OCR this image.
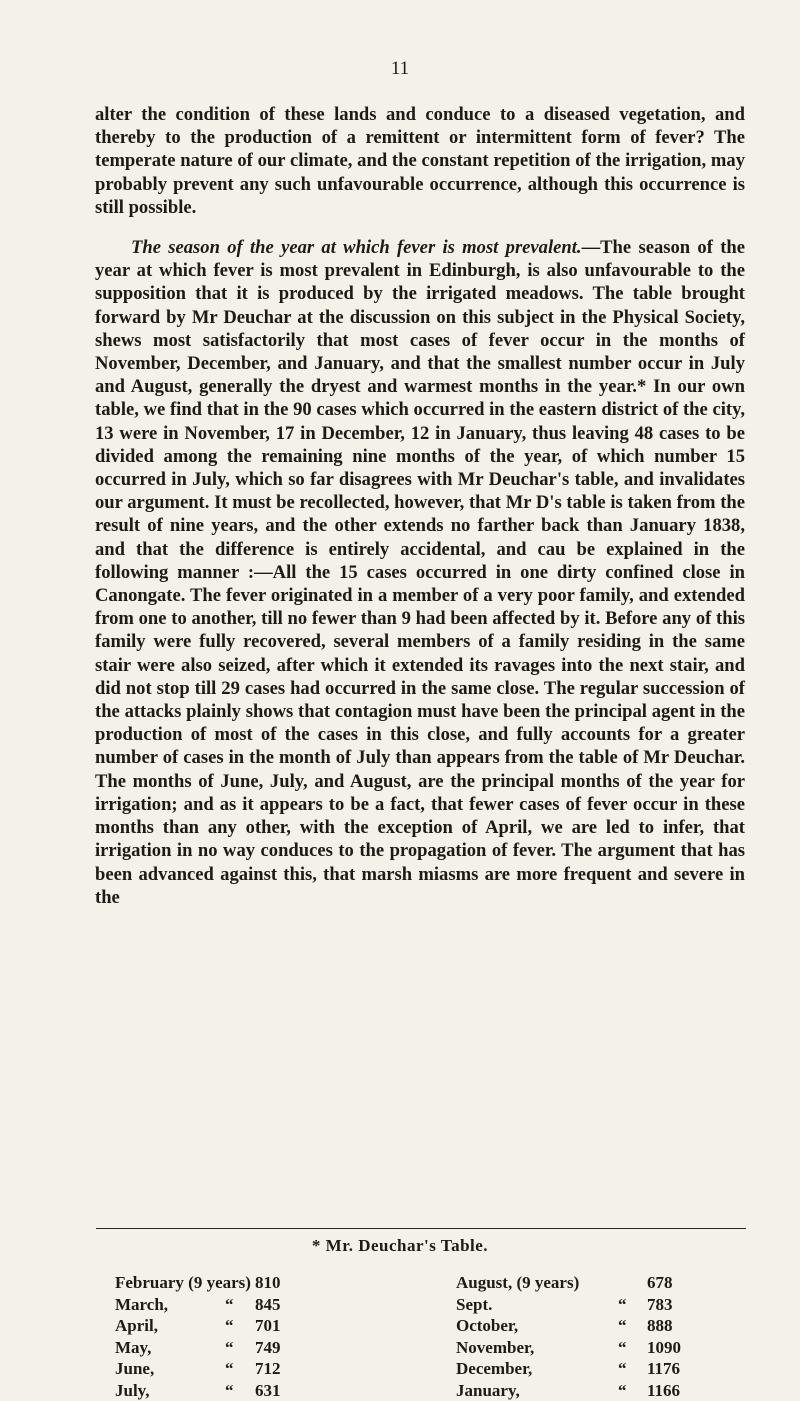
11

alter the condition of these lands and conduce to a diseased vegetation, and thereby to the production of a remittent or intermittent form of fever? The temperate nature of our climate, and the constant repetition of the irrigation, may probably prevent any such unfavourable occurrence, although this occurrence is still possible.

The season of the year at which fever is most prevalent.—The season of the year at which fever is most prevalent in Edinburgh, is also unfavourable to the supposition that it is produced by the irrigated meadows. The table brought forward by Mr Deuchar at the discussion on this subject in the Physical Society, shews most satisfactorily that most cases of fever occur in the months of November, December, and January, and that the smallest number occur in July and August, generally the dryest and warmest months in the year.* In our own table, we find that in the 90 cases which occurred in the eastern district of the city, 13 were in November, 17 in December, 12 in January, thus leaving 48 cases to be divided among the remaining nine months of the year, of which number 15 occurred in July, which so far disagrees with Mr Deuchar's table, and invalidates our argument. It must be recollected, however, that Mr D's table is taken from the result of nine years, and the other extends no farther back than January 1838, and that the difference is entirely accidental, and cau be explained in the following manner :—All the 15 cases occurred in one dirty confined close in Canongate. The fever originated in a member of a very poor family, and extended from one to another, till no fewer than 9 had been affected by it. Before any of this family were fully recovered, several members of a family residing in the same stair were also seized, after which it extended its ravages into the next stair, and did not stop till 29 cases had occurred in the same close. The regular succession of the attacks plainly shows that contagion must have been the principal agent in the production of most of the cases in this close, and fully accounts for a greater number of cases in the month of July than appears from the table of Mr Deuchar. The months of June, July, and August, are the principal months of the year for irrigation; and as it appears to be a fact, that fewer cases of fever occur in these months than any other, with the exception of April, we are led to infer, that irrigation in no way conduces to the propagation of fever. The argument that has been advanced against this, that marsh miasms are more frequent and severe in the

* Mr. Deuchar's Table.
February (9 years) 810
March,	“ 845
April,	“ 701
May,	“ 749
June,	“ 712
July,	“ 631
August, (9 years)	678
Sept.	“ 783
October,	“ 888
November,	“ 1090
December,	“ 1176
January,	“ 1166
